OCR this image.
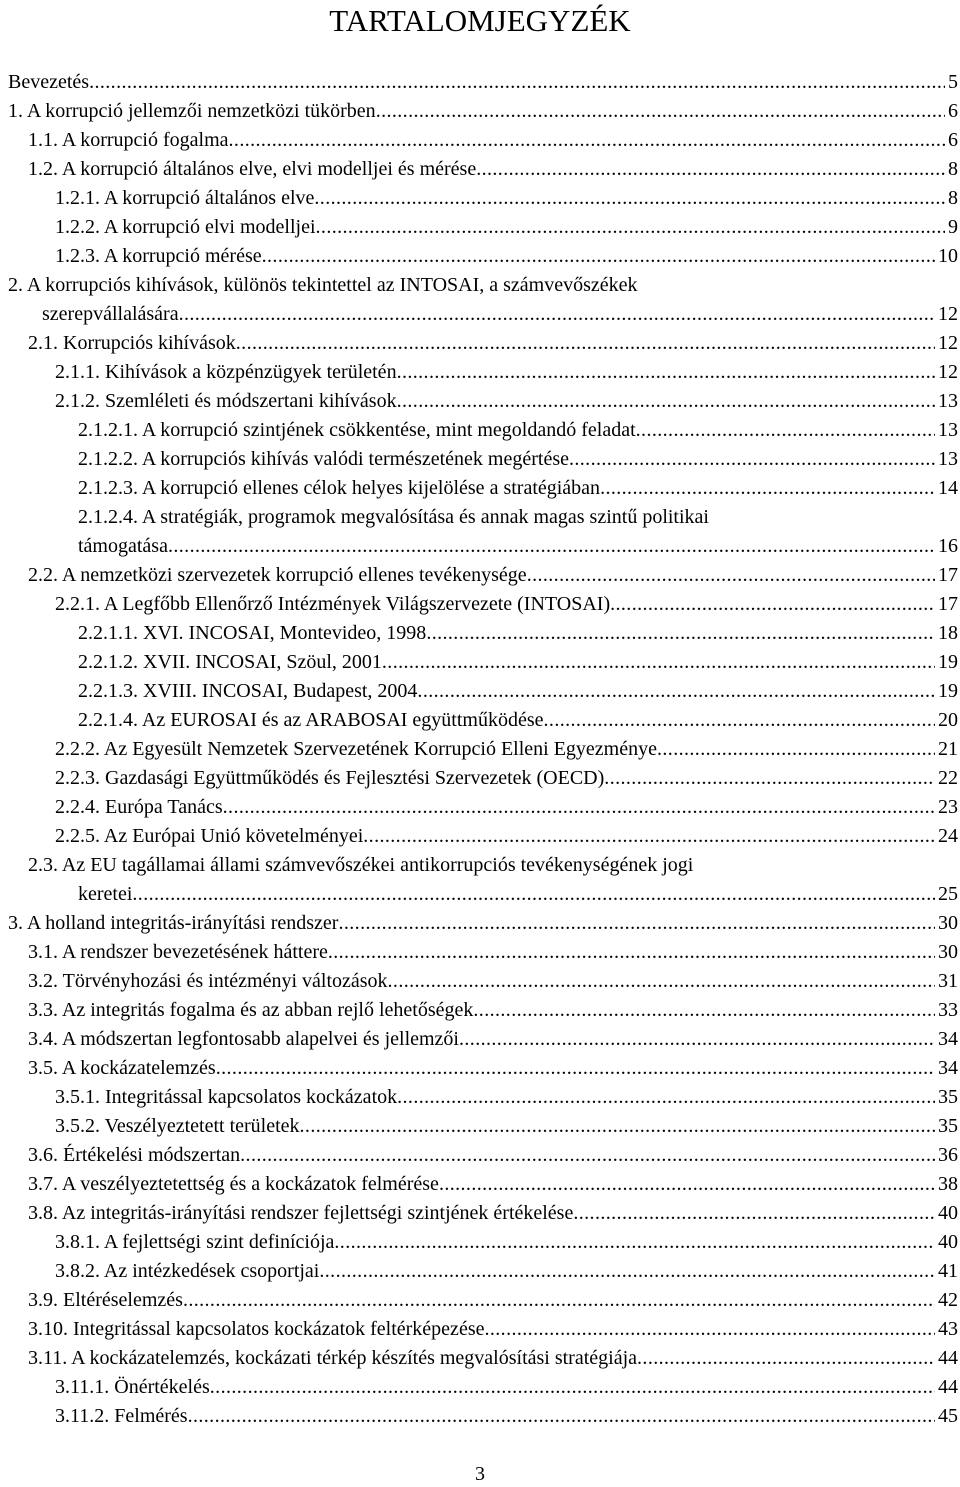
TARTALOMJEGYZÉK
Bevezetés .....	5
1. A korrupció jellemzői nemzetközi tükörben .....	6
1.1. A korrupció fogalma .....	6
1.2. A korrupció általános elve, elvi modelljei és mérése .....	8
1.2.1. A korrupció általános elve .....	8
1.2.2. A korrupció elvi modelljei .....	9
1.2.3. A korrupció mérése .....	10
2. A korrupciós kihívások, különös tekintettel az INTOSAI, a számvevőszékek
szerepvállalására .....	12
2.1. Korrupciós kihívások .....	12
2.1.1. Kihívások a közpénzügyek területén .....	12
2.1.2. Szemléleti és módszertani kihívások .....	13
2.1.2.1. A korrupció szintjének csökkentése, mint megoldandó feladat .....	13
2.1.2.2. A korrupciós kihívás valódi természetének megértése .....	13
2.1.2.3. A korrupció ellenes célok helyes kijelölése a stratégiában .....	14
2.1.2.4. A stratégiák, programok megvalósítása és annak magas szintű politikai
támogatása .....	16
2.2. A nemzetközi szervezetek korrupció ellenes tevékenysége .....	17
2.2.1. A Legfőbb Ellenőrző Intézmények Világszervezete (INTOSAI) .....	17
2.2.1.1. XVI. INCOSAI, Montevideo, 1998 .....	18
2.2.1.2. XVII. INCOSAI, Szöul, 2001 .....	19
2.2.1.3. XVIII. INCOSAI, Budapest, 2004 .....	19
2.2.1.4. Az EUROSAI és az ARABOSAI együttműködése .....	20
2.2.2. Az Egyesült Nemzetek Szervezetének Korrupció Elleni Egyezménye .....	21
2.2.3. Gazdasági Együttműködés és Fejlesztési Szervezetek (OECD) .....	22
2.2.4. Európa Tanács .....	23
2.2.5. Az Európai Unió követelményei .....	24
2.3. Az EU tagállamai állami számvevőszékei antikorrupciós tevékenységének jogi
keretei .....	25
3. A holland integritás-irányítási rendszer .....	30
3.1. A rendszer bevezetésének háttere .....	30
3.2. Törvényhozási és intézményi változások .....	31
3.3. Az integritás fogalma és az abban rejlő lehetőségek .....	33
3.4. A módszertan legfontosabb alapelvei és jellemzői .....	34
3.5. A kockázatelemzés .....	34
3.5.1. Integritással kapcsolatos kockázatok .....	35
3.5.2. Veszélyeztetett területek .....	35
3.6. Értékelési módszertan .....	36
3.7. A veszélyeztetettség és a kockázatok felmérése .....	38
3.8. Az integritás-irányítási rendszer fejlettségi szintjének értékelése .....	40
3.8.1. A fejlettségi szint definíciója .....	40
3.8.2. Az intézkedések csoportjai .....	41
3.9. Eltéréselemzés .....	42
3.10. Integritással kapcsolatos kockázatok feltérképezése .....	43
3.11. A kockázatelemzés, kockázati térkép készítés megvalósítási stratégiája .....	44
3.11.1. Önértékelés .....	44
3.11.2. Felmérés .....	45
3
